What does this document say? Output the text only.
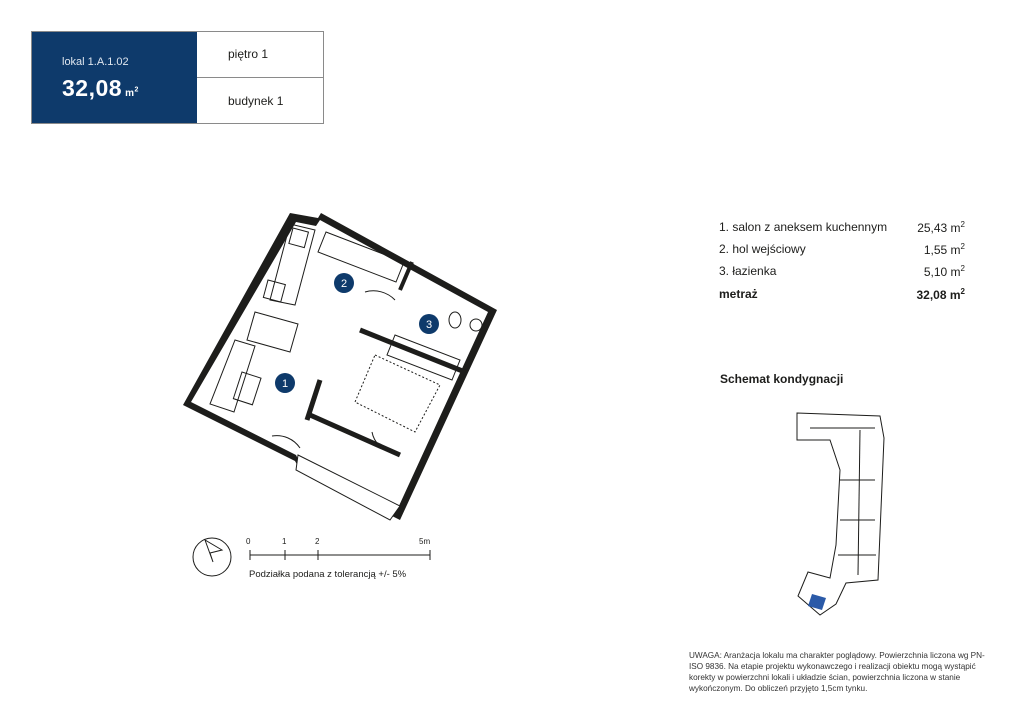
lokal 1.A.1.02
32,08 $m^2$
piętro 1
budynek 1
1
2
3
0	1	2	5m
Podziałka podana z tolerancją +/- 5%
1. salon z aneksem kuchennym	25,43 $m^2$
2. hol wejściowy	1,55 $m^2$
3. łazienka	5,10 $m^2$
metraż	32,08 $m^2$
Schemat kondygnacji
UWAGA: Aranżacja lokalu ma charakter poglądowy. Powierzchnia liczona wg PN-ISO 9836. Na etapie projektu wykonawczego i realizacji obiektu mogą wystąpić korekty w powierzchni lokali i układzie ścian, powierzchnia liczona w stanie wykończonym. Do obliczeń przyjęto 1,5cm tynku.
